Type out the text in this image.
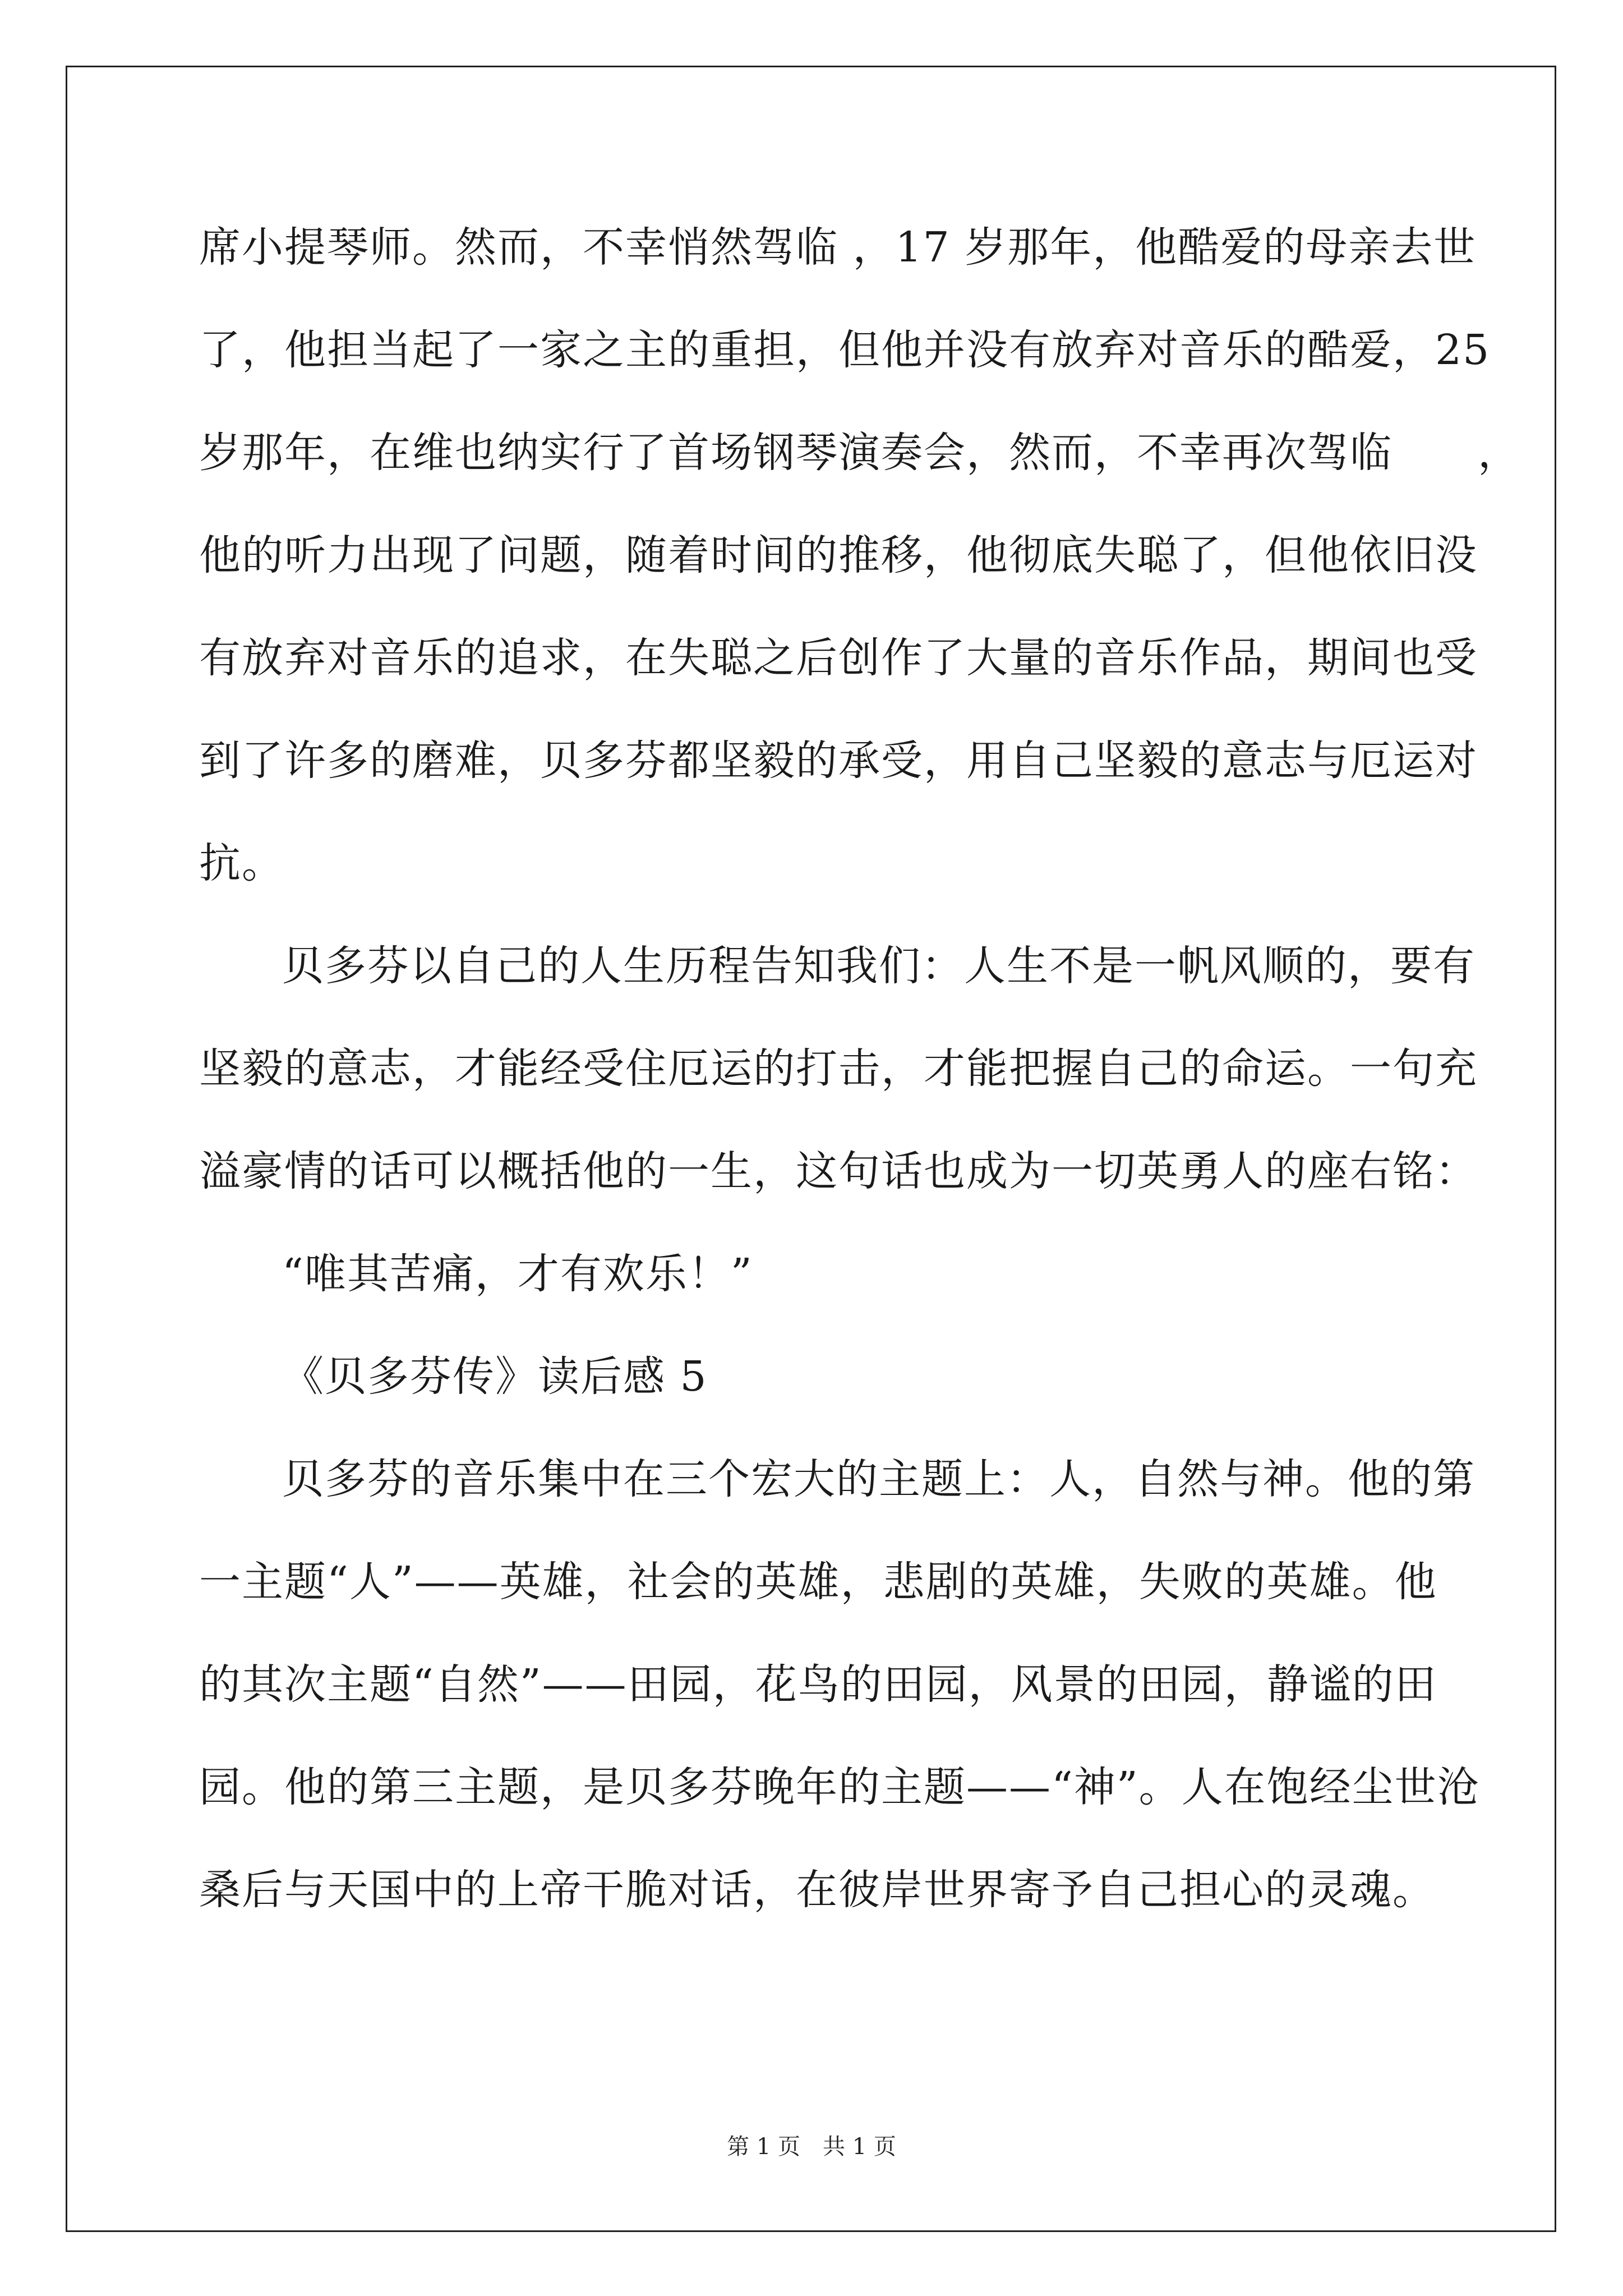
席小提琴师。然而，不幸悄然驾临 ，17 岁那年，他酷爱的母亲去世
了，他担当起了一家之主的重担，但他并没有放弃对音乐的酷爱，25
岁那年，在维也纳实行了首场钢琴演奏会，然而，不幸再次驾临　　，
他的听力出现了问题，随着时间的推移，他彻底失聪了，但他依旧没
有放弃对音乐的追求，在失聪之后创作了大量的音乐作品，期间也受
到了许多的磨难，贝多芬都坚毅的承受，用自己坚毅的意志与厄运对
抗。
贝多芬以自己的人生历程告知我们：人生不是一帆风顺的，要有
坚毅的意志，才能经受住厄运的打击，才能把握自己的命运。一句充
溢豪情的话可以概括他的一生，这句话也成为一切英勇人的座右铭：
“唯其苦痛，才有欢乐！”
《贝多芬传》读后感 5
贝多芬的音乐集中在三个宏大的主题上：人，自然与神。他的第
一主题“人”——英雄，社会的英雄，悲剧的英雄，失败的英雄。他
的其次主题“自然”——田园，花鸟的田园，风景的田园，静谧的田
园。他的第三主题，是贝多芬晚年的主题——“神”。人在饱经尘世沧
桑后与天国中的上帝干脆对话，在彼岸世界寄予自己担心的灵魂。
第 1 页　共 1 页
